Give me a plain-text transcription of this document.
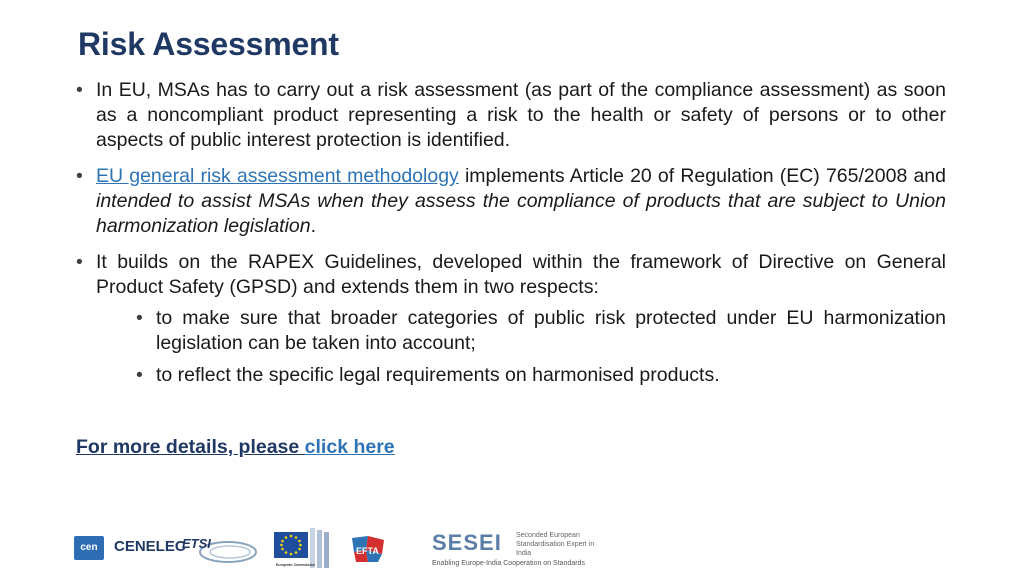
Risk Assessment

• In EU, MSAs has to carry out a risk assessment (as part of the compliance assessment) as soon as a noncompliant product representing a risk to the health or safety of persons or to other aspects of public interest protection is identified.

• EU general risk assessment methodology implements Article 20 of Regulation (EC) 765/2008 and intended to assist MSAs when they assess the compliance of products that are subject to Union harmonization legislation.

• It builds on the RAPEX Guidelines, developed within the framework of Directive on General Product Safety (GPSD) and extends them in two respects:

• to make sure that broader categories of public risk protected under EU harmonization legislation can be taken into account;

• to reflect the specific legal requirements on harmonised products.

For more details, please click here

cen	CENELEC
ETSI
European Commission
EFTA SESEI Seconded European Standardisation Expert in India
Enabling Europe-India Cooperation on Standards
